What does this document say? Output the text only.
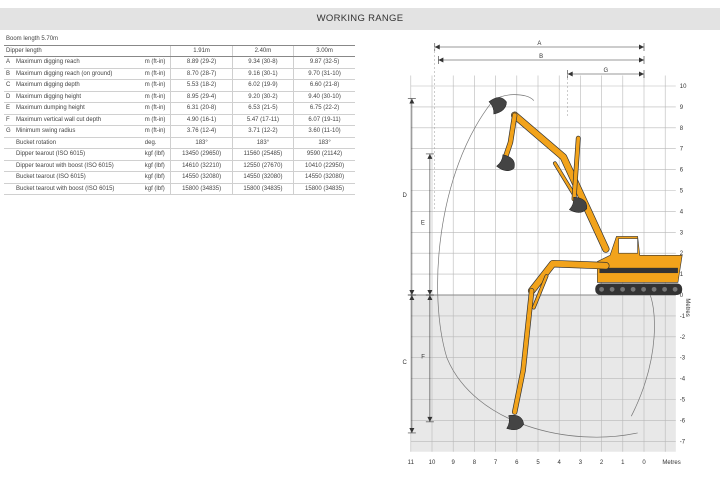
WORKING RANGE
Boom length 5.70m					
Dipper length			1.91m	2.40m	3.00m
A	Maximum digging reach	m (ft-in)	8.89 (29-2)	9.34 (30-8)	9.87 (32-5)
B	Maximum digging reach (on ground)	m (ft-in)	8.70 (28-7)	9.16 (30-1)	9.70 (31-10)
C	Maximum digging depth	m (ft-in)	5.53 (18-2)	6.02 (19-9)	6.60 (21-8)
D	Maximum digging height	m (ft-in)	8.95 (29-4)	9.20 (30-2)	9.40 (30-10)
E	Maximum dumping height	m (ft-in)	6.31 (20-8)	6.53 (21-5)	6.75 (22-2)
F	Maximum vertical wall cut depth	m (ft-in)	4.90 (16-1)	5.47 (17-11)	6.07 (19-11)
G	Minimum swing radius	m (ft-in)	3.76 (12-4)	3.71 (12-2)	3.60 (11-10)
	Bucket rotation	deg.	183°	183°	183°
	Dipper tearout (ISO 6015)	kgf (lbf)	13450 (29650)	11560 (25485)	9590 (21142)
	Dipper tearout with boost (ISO 6015)	kgf (lbf)	14610 (32210)	12550 (27670)	10410 (22950)
	Bucket tearout (ISO 6015)	kgf (lbf)	14550 (32080)	14550 (32080)	14550 (32080)
	Bucket tearout with boost (ISO 6015)	kgf (lbf)	15800 (34835)	15800 (34835)	15800 (34835)
A
B
G
D
E
C
F
11 10	9	8	7	6	5	4	3	2	1	0	Metres
10
9
8
7
6
5
4
3
2
1
0
-1
-2
-3
-4
-5
-6
-7
Metres
